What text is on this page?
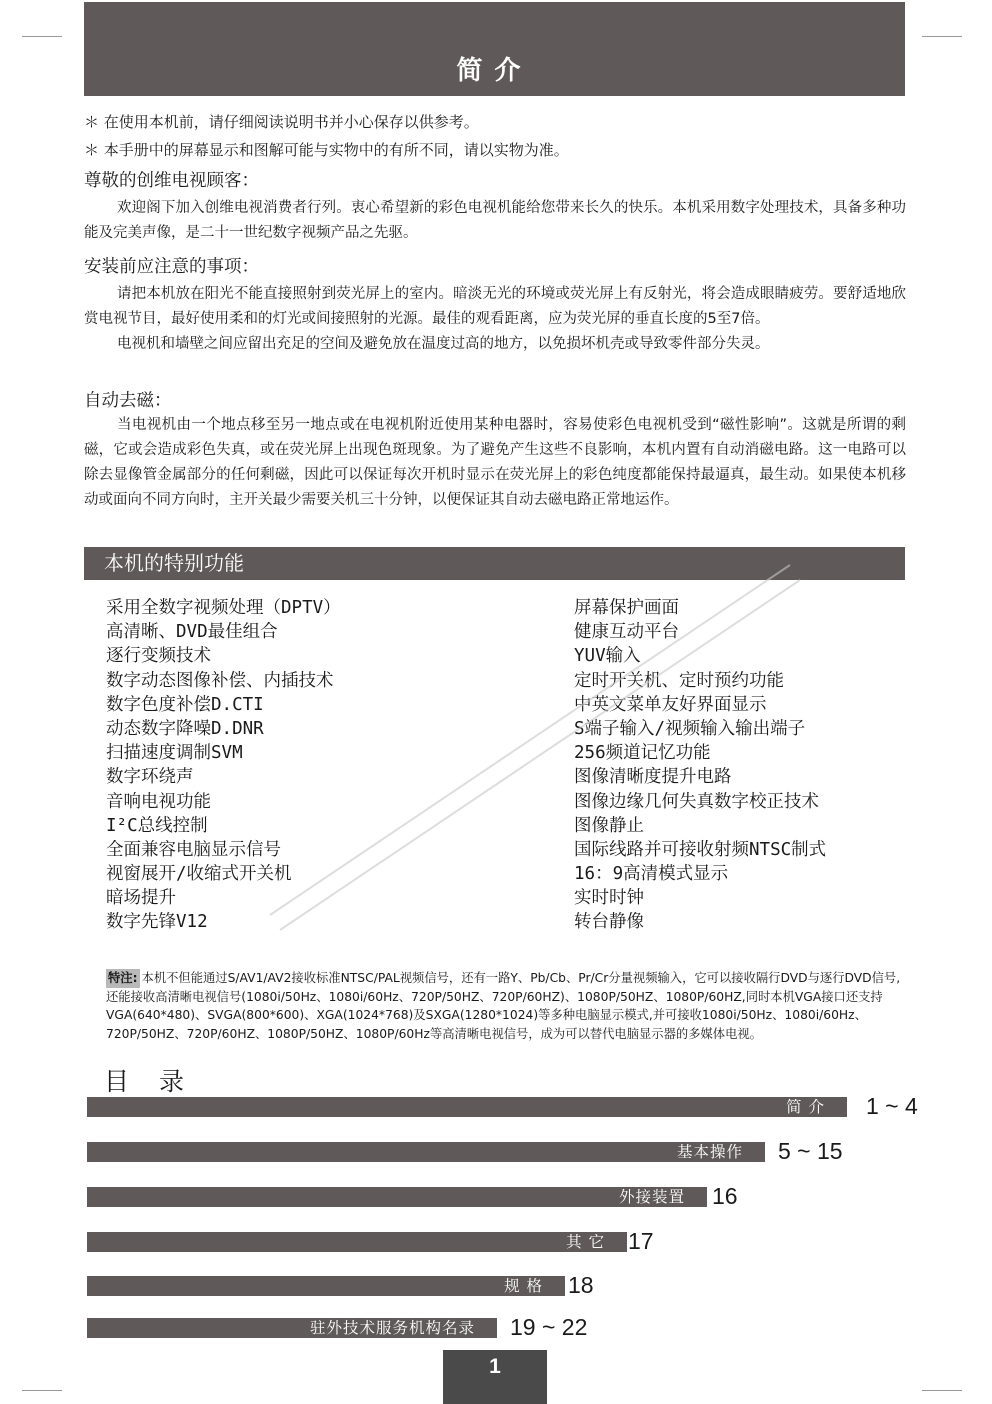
简介
＊ 在使用本机前，请仔细阅读说明书并小心保存以供参考。
＊ 本手册中的屏幕显示和图解可能与实物中的有所不同，请以实物为准。
尊敬的创维电视顾客：

欢迎阁下加入创维电视消费者行列。衷心希望新的彩色电视机能给您带来长久的快乐。本机采用数字处理技术，具备多种功能及完美声像，是二十一世纪数字视频产品之先驱。

安装前应注意的事项：

请把本机放在阳光不能直接照射到荧光屏上的室内。暗淡无光的环境或荧光屏上有反射光，将会造成眼睛疲劳。要舒适地欣赏电视节目，最好使用柔和的灯光或间接照射的光源。最佳的观看距离，应为荧光屏的垂直长度的5至7倍。

电视机和墙壁之间应留出充足的空间及避免放在温度过高的地方，以免损坏机壳或导致零件部分失灵。

自动去磁：

当电视机由一个地点移至另一地点或在电视机附近使用某种电器时，容易使彩色电视机受到“磁性影响”。这就是所谓的剩磁，它或会造成彩色失真，或在荧光屏上出现色斑现象。为了避免产生这些不良影响，本机内置有自动消磁电路。这一电路可以除去显像管金属部分的任何剩磁，因此可以保证每次开机时显示在荧光屏上的彩色纯度都能保持最逼真，最生动。如果使本机移动或面向不同方向时，主开关最少需要关机三十分钟，以便保证其自动去磁电路正常地运作。

本机的特别功能
采用全数字视频处理（DPTV）
高清晰、DVD最佳组合
逐行变频技术
数字动态图像补偿、内插技术
数字色度补偿D.CTI
动态数字降噪D.DNR
扫描速度调制SVM
数字环绕声
音响电视功能
I²C总线控制
全面兼容电脑显示信号
视窗展开/收缩式开关机
暗场提升
数字先锋V12
屏幕保护画面
健康互动平台
YUV输入
定时开关机、定时预约功能
中英文菜单友好界面显示
S端子输入/视频输入输出端子
256频道记忆功能
图像清晰度提升电路
图像边缘几何失真数字校正技术
图像静止
国际线路并可接收射频NTSC制式
16：9高清模式显示
实时时钟
转台静像
特注: 本机不但能通过S/AV1/AV2接收标准NTSC/PAL视频信号，还有一路Y、Pb/Cb、Pr/Cr分量视频输入，它可以接收隔行DVD与逐行DVD信号,还能接收高清晰电视信号(1080i/50Hz、1080i/60Hz、720P/50HZ、720P/60HZ)、1080P/50HZ、1080P/60HZ,同时本机VGA接口还支持VGA(640*480)、SVGA(800*600)、XGA(1024*768)及SXGA(1280*1024)等多种电脑显示模式,并可接收1080i/50Hz、1080i/60Hz、720P/50HZ、720P/60HZ、1080P/50HZ、1080P/60Hz等高清晰电视信号，成为可以替代电脑显示器的多媒体电视。
目录
简 介	1 ~ 4
基本操作	5 ~ 15
外接装置	16
其 它	17
规 格	18
驻外技术服务机构名录	19 ~ 22
1
